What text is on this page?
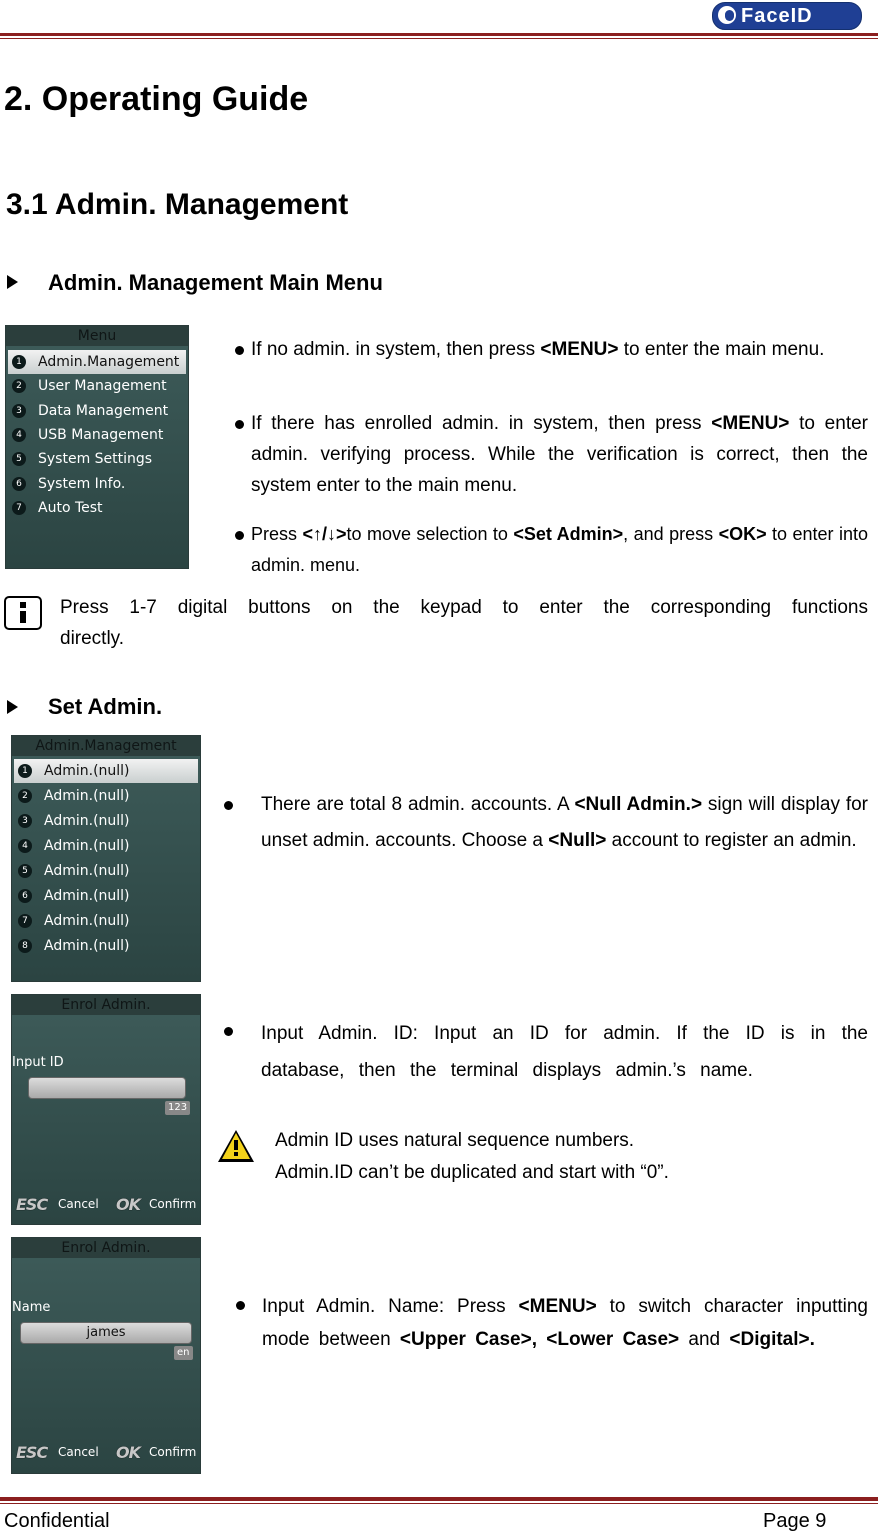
FaceID
2. Operating Guide
3.1 Admin. Management
Admin. Management Main Menu
Menu
1 Admin.Management
2 User Management
3 Data Management
4 USB Management
5 System Settings
6 System Info.
7 Auto Test
If no admin. in system, then press <MENU> to enter the main menu.
If there has enrolled admin. in system, then press <MENU> to enter admin. verifying process. While the verification is correct, then the system enter to the main menu.
Press <↑/↓>to move selection to <Set Admin>, and press <OK> to enter into admin. menu.
Press 1-7 digital buttons on the keypad to enter the corresponding functions directly.
Set Admin.
Admin.Management
1 Admin.(null)
2 Admin.(null)
3 Admin.(null)
4 Admin.(null)
5 Admin.(null)
6 Admin.(null)
7 Admin.(null)
8 Admin.(null)
There are total 8 admin. accounts. A <Null Admin.> sign will display for unset admin. accounts. Choose a <Null> account to register an admin.
Enrol Admin.
Input ID
123
ESC Cancel OK Confirm
Input Admin. ID: Input an ID for admin. If the ID is in the database, then the terminal displays admin.’s name.
Admin ID uses natural sequence numbers.
Admin.ID can’t be duplicated and start with “0”.
Enrol Admin.
Name
james
en
ESC Cancel OK Confirm
Input Admin. Name: Press <MENU> to switch character inputting mode between <Upper Case>, <Lower Case> and <Digital>.
Confidential	Page 9
